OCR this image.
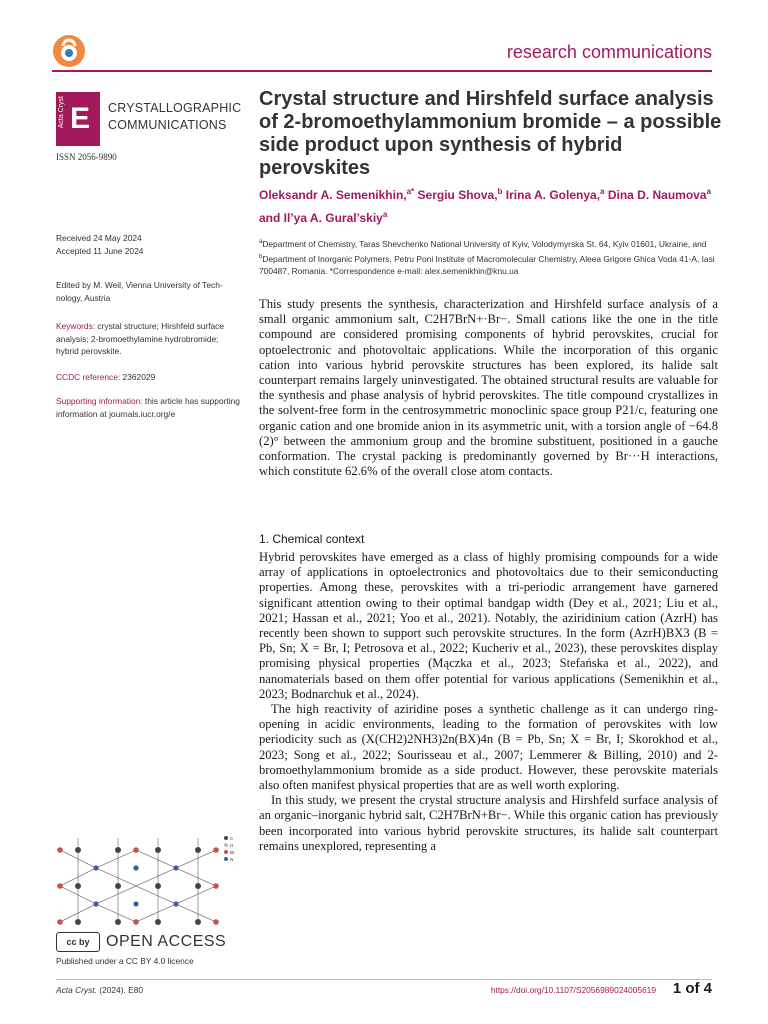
research communications
Acta Cryst E CRYSTALLOGRAPHIC
COMMUNICATIONS
ISSN 2056-9890
Crystal structure and Hirshfeld surface analysis of 2-bromoethylammonium bromide – a possible side product upon synthesis of hybrid perovskites
Oleksandr A. Semenikhin,$^{a*}$ Sergiu Shova,$^b$ Irina A. Golenya,$^a$ Dina D. Naumova$^a$
and Il’ya A. Gural’skiy$^a$
$^a$Department of Chemistry, Taras Shevchenko National University of Kyiv, Volodymyrska St. 64, Kyiv 01601, Ukraine, and $^b$Department of Inorganic Polymers, Petru Poni Institute of Macromolecular Chemistry, Aleea Grigore Ghica Voda 41-A, Iasi 700487, Romania. *Correspondence e-mail: alex.semenikhin@knu.ua
Received 24 May 2024
Accepted 11 June 2024
Edited by M. Weil, Vienna University of Tech-nology, Austria
Keywords: crystal structure; Hirshfeld surface analysis; 2-bromoethylamine hydrobromide; hybrid perovskite.
CCDC reference: 2362029
Supporting information: this article has supporting information at journals.iucr.org/e

This study presents the synthesis, characterization and Hirshfeld surface analysis of a small organic ammonium salt, C2H7BrN+·Br−. Small cations like the one in the title compound are considered promising components of hybrid perovskites, crucial for optoelectronic and photovoltaic applications. While the incorporation of this organic cation into various hybrid perovskite structures has been explored, its halide salt counterpart remains largely uninvestigated. The obtained structural results are valuable for the synthesis and phase analysis of hybrid perovskites. The title compound crystallizes in the solvent-free form in the centrosymmetric monoclinic space group P21/c, featuring one organic cation and one bromide anion in its asymmetric unit, with a torsion angle of −64.8 (2)° between the ammonium group and the bromine substituent, positioned in a gauche conformation. The crystal packing is predominantly governed by Br···H interactions, which constitute 62.6% of the overall close atom contacts.

1. Chemical context

Hybrid perovskites have emerged as a class of highly promising compounds for a wide array of applications in optoelectronics and photovoltaics due to their semiconducting properties. Among these, perovskites with a tri-periodic arrangement have garnered significant attention owing to their optimal bandgap width (Dey et al., 2021; Liu et al., 2021; Hassan et al., 2021; Yoo et al., 2021). Notably, the aziridinium cation (AzrH) has recently been shown to support such perovskite structures. In the form (AzrH)BX3 (B = Pb, Sn; X = Br, I; Petrosova et al., 2022; Kucheriv et al., 2023), these perovskites display promising physical properties (Mączka et al., 2023; Stefańska et al., 2022), and nanomaterials based on them offer potential for various applications (Semenikhin et al., 2023; Bodnarchuk et al., 2024).

The high reactivity of aziridine poses a synthetic challenge as it can undergo ring-opening in acidic environments, leading to the formation of perovskites with low periodicity such as (X(CH2)2NH3)2n(BX)4n (B = Pb, Sn; X = Br, I; Skorokhod et al., 2023; Song et al., 2022; Sourisseau et al., 2007; Lemmerer & Billing, 2010) and 2-bromoethylammonium bromide as a side product. However, these perovskite materials also often manifest physical properties that are as well worth exploring.

In this study, we present the crystal structure analysis and Hirshfeld surface analysis of an organic–inorganic hybrid salt, C2H7BrN+Br−. While this organic cation has previously been incorporated into various hybrid perovskite structures, its halide salt counterpart remains unexplored, representing a

C
H
Br
N
cc by	OPEN ACCESS
Published under a CC BY 4.0 licence
Acta Cryst. (2024). E80	https://doi.org/10.1107/S2056989024005619 1 of 4
